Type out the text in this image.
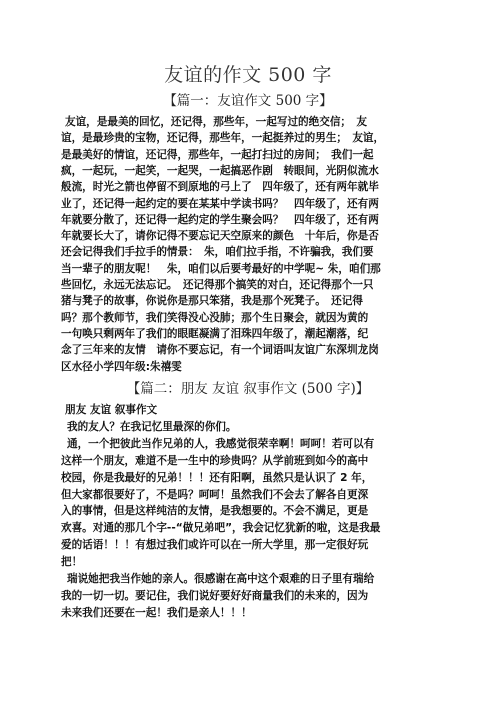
友谊的作文 500 字
【篇一：友谊作文 500 字】
友谊，是最美的回忆，还记得，那些年，一起写过的绝交信；　友
谊，是最珍贵的宝物，还记得，那些年，一起挺养过的男生；　友谊，
是最美好的情谊，还记得，那些年，一起打扫过的房间；　我们一起
疯，一起玩，一起笑，一起哭，一起搞恶作剧　转眼间，光阴似流水
般流，时光之箭也停留不到原地的弓上了　四年级了，还有两年就毕
业了，还记得一起约定的要在某某中学读书吗？　四年级了，还有两
年就要分散了，还记得一起约定的学生聚会吗？　四年级了，还有两
年就要长大了，请你记得不要忘记天空原来的颜色　十年后，你是否
还会记得我们手拉手的情景：　朱，咱们拉手指，不许骗我，我们要
当一辈子的朋友呢！　朱，咱们以后要考最好的中学呢~ 朱，咱们那
些回忆，永远无法忘记。　还记得那个搞笑的对白，还记得那个一只
猪与凳子的故事，你说你是那只笨猪，我是那个死凳子。　还记得
吗？那个教师节，我们笑得没心没肺；那个生日聚会，就因为黄的
一句唤只剩两年了我们的眼眶凝满了泪珠四年级了，潮起潮落，纪
念了三年来的友情　请你不要忘记，有一个词语叫友谊广东深圳龙岗
区水径小学四年级:朱禧雯
【篇二：朋友 友谊 叙事作文 (500 字)】
朋友 友谊 叙事作文
我的友人？在我记忆里最深的你们。
通，一个把彼此当作兄弟的人，我感觉很荣幸啊！呵呵！若可以有
这样一个朋友，难道不是一生中的珍贵吗？从学前班到如今的高中
校园，你是我最好的兄弟！！！还有阳啊，虽然只是认识了 2 年，
但大家都很要好了，不是吗？呵呵！虽然我们不会去了解各自更深
入的事情，但是这样纯洁的友情，是我想要的。不会不满足，更是
欢喜。对通的那几个字--“做兄弟吧”，我会记忆犹新的啦，这是我最
爱的话语！！！有想过我们或许可以在一所大学里，那一定很好玩
把！
瑞说她把我当作她的亲人。很感谢在高中这个艰难的日子里有瑞给
我的一切一切。要记住，我们说好要好好商量我们的未来的，因为
未来我们还要在一起！我们是亲人！！！
